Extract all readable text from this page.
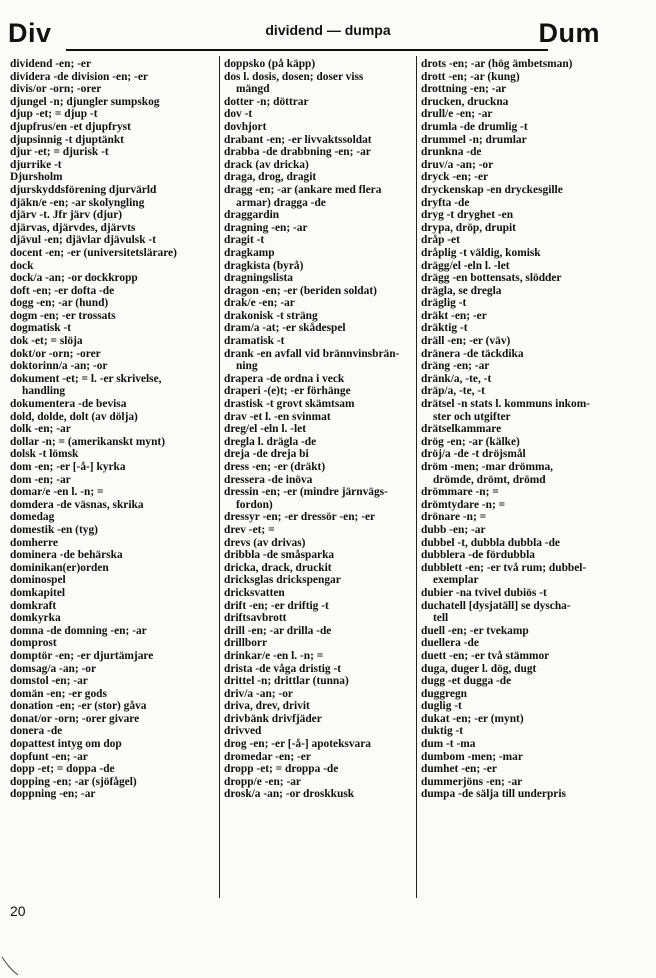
Div	dividend — dumpa	Dum
dividend -en; -er
dividera -de division -en; -er
divis/or -orn; -orer
djungel -n; djungler sumpskog
djup -et; = djup -t
djupfrus/en -et djupfryst
djupsinnig -t djuptänkt
djur -et; = djurisk -t
djurrike -t
Djursholm
djurskyddsförening djurvärld
djäkn/e -en; -ar skolyngling
djärv -t. Jfr järv (djur)
djärvas, djärvdes, djärvts
djävul -en; djävlar djävulsk -t
docent -en; -er (universitetslärare)
dock
dock/a -an; -or dockkropp
doft -en; -er dofta -de
dogg -en; -ar (hund)
dogm -en; -er trossats
dogmatisk -t
dok -et; = slöja
dokt/or -orn; -orer
doktorinn/a -an; -or
dokument -et; = l. -er skrivelse,
handling
dokumentera -de bevisa
dold, dolde, dolt (av dölja)
dolk -en; -ar
dollar -n; = (amerikanskt mynt)
dolsk -t lömsk
dom -en; -er [-å-] kyrka
dom -en; -ar
domar/e -en l. -n; =
domdera -de väsnas, skrika
domedag
domestik -en (tyg)
domherre
dominera -de behärska
dominikan(er)orden
dominospel
domkapitel
domkraft
domkyrka
domna -de domning -en; -ar
domprost
domptör -en; -er djurtämjare
domsag/a -an; -or
domstol -en; -ar
domän -en; -er gods
donation -en; -er (stor) gåva
donat/or -orn; -orer givare
donera -de
dopattest intyg om dop
dopfunt -en; -ar
dopp -et; = doppa -de
dopping -en; -ar (sjöfågel)
doppning -en; -ar
doppsko (på käpp)
dos l. dosis, dosen; doser viss
mängd
dotter -n; döttrar
dov -t
dovhjort
drabant -en; -er livvaktssoldat
drabba -de drabbning -en; -ar
drack (av dricka)
draga, drog, dragit
dragg -en; -ar (ankare med flera
armar) dragga -de
draggardin
dragning -en; -ar
dragit -t
dragkamp
dragkista (byrå)
dragningslista
dragon -en; -er (beriden soldat)
drak/e -en; -ar
drakonisk -t sträng
dram/a -at; -er skådespel
dramatisk -t
drank -en avfall vid brännvinsbrän-
ning
draperа -de ordna i veck
draperi -(e)t; -er förhänge
drastisk -t grovt skämtsam
drav -et l. -en svinmat
dreg/el -eln l. -let
dregla l. drägla -de
dreja -de dreja bi
dress -en; -er (dräkt)
dressera -de inöva
dressin -en; -er (mindre järnvägs-
fordon)
dressyr -en; -er dressör -en; -er
drev -et; =
drevs (av drivas)
dribbla -de småsparka
dricka, drack, druckit
dricksglas drickspengar
dricksvatten
drift -en; -er driftig -t
driftsavbrott
drill -en; -ar drilla -de
drillborr
drinkar/e -en l. -n; =
drista -de våga dristig -t
drittel -n; drittlar (tunna)
driv/a -an; -or
driva, drev, drivit
drivbänk drivfjäder
drivved
drog -en; -er [-å-] apoteksvara
dromedar -en; -er
dropp -et; = droppa -de
dropp/e -en; -ar
drosk/a -an; -or droskkusk
drots -en; -ar (hög ämbetsman)
drott -en; -ar (kung)
drottning -en; -ar
drucken, druckna
drull/e -en; -ar
drumla -de drumlig -t
drummel -n; drumlar
drunkna -de
druv/a -an; -or
dryck -en; -er
dryckenskap -en dryckesgille
dryfta -de
dryg -t dryghet -en
drypa, dröp, drupit
dråp -et
dråplig -t väldig, komisk
drägg/el -eln l. -let
drägg -en bottensats, slödder
drägla, se dregla
dräglig -t
dräkt -en; -er
dräktig -t
dräll -en; -er (väv)
dränera -de täckdika
dräng -en; -ar
dränk/a, -te, -t
dräp/a, -te, -t
drätsel -n stats l. kommuns inkom-
ster och utgifter
drätselkammare
drög -en; -ar (kälke)
dröj/a -de -t dröjsmål
dröm -men; -mar drömma,
drömde, drömt, drömd
drömmare -n; =
drömtydare -n; =
drönare -n; =
dubb -en; -ar
dubbel -t, dubbla dubbla -de
dubblera -de fördubbla
dubblett -en; -er två rum; dubbel-
exemplar
dubier -na tvivel dubiös -t
duchatell [dysjatäll] se dyscha-
tell
duell -en; -er tvekamp
duellera -de
duett -en; -er två stämmor
duga, duger l. dög, dugt
dugg -et dugga -de
duggregn
duglig -t
dukat -en; -er (mynt)
duktig -t
dum -t -ma
dumbom -men; -mar
dumhet -en; -er
dummerjöns -en; -ar
dumpa -de sälja till underpris
20
